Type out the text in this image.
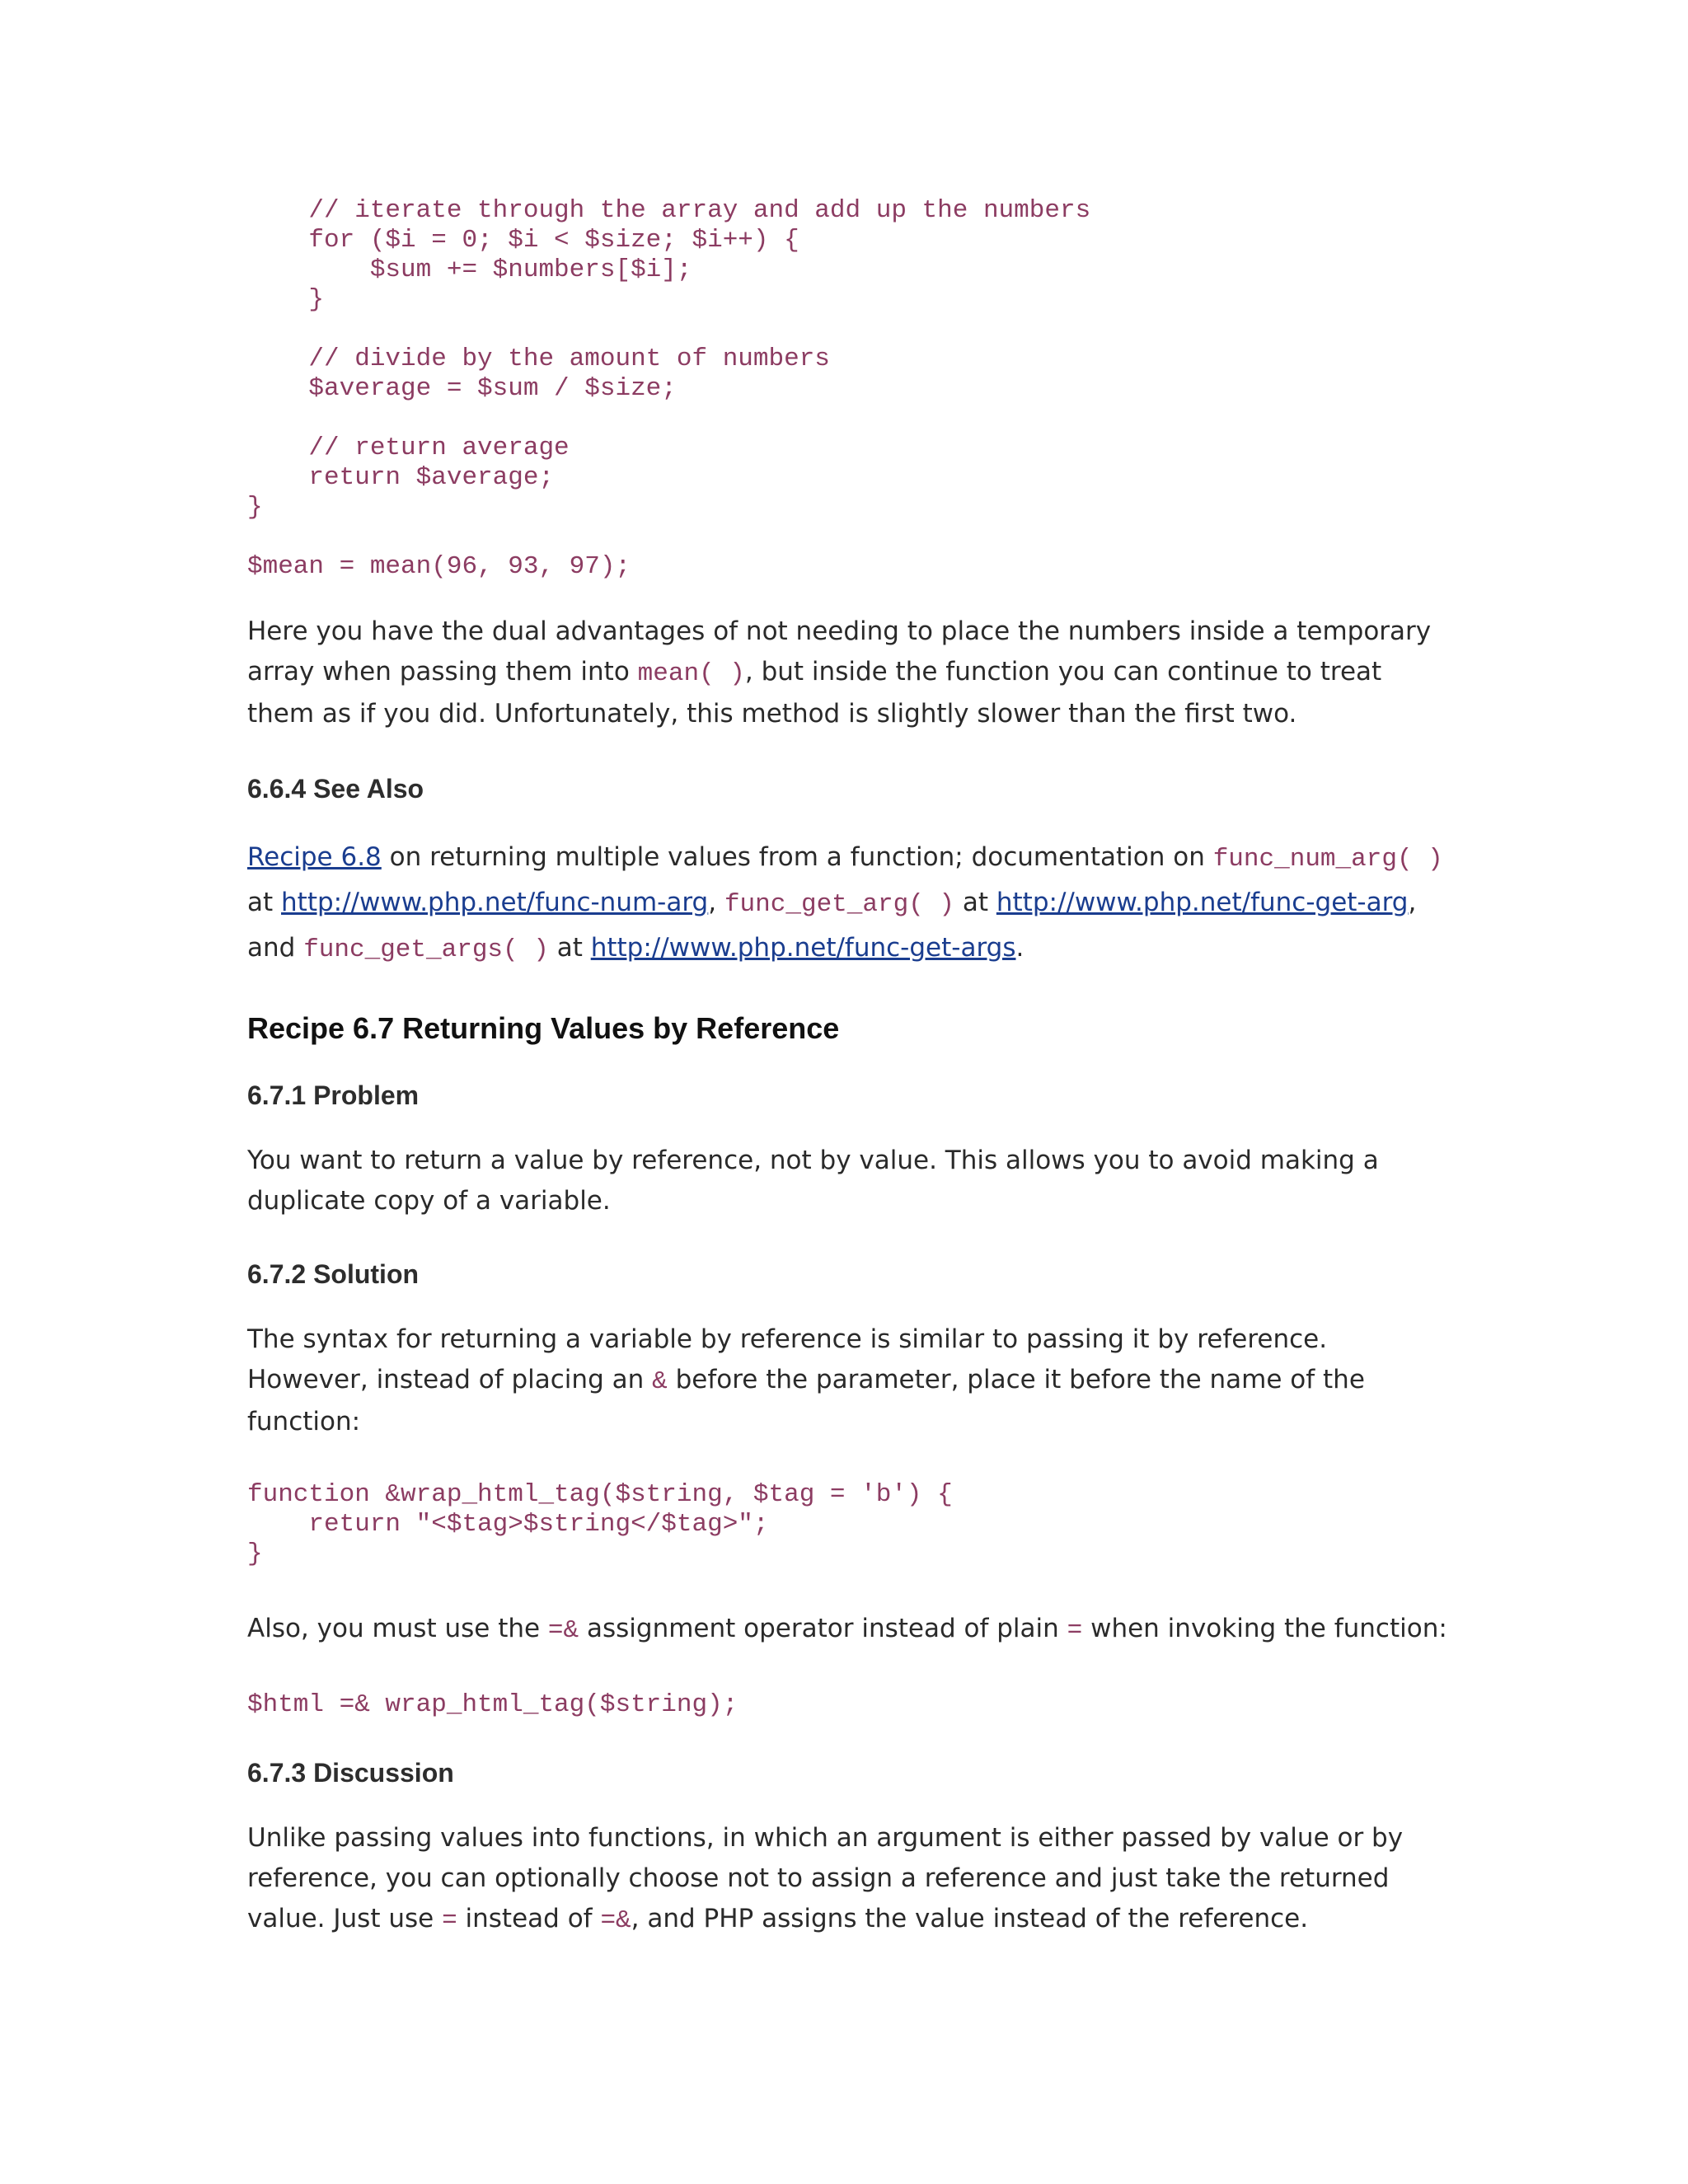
// iterate through the array and add up the numbers
for ($i = 0; $i < $size; $i++) {
$sum += $numbers[$i];
}
// divide by the amount of numbers
$average = $sum / $size;
// return average
return $average;
}
$mean = mean(96, 93, 97);

Here you have the dual advantages of not needing to place the numbers inside a temporary array when passing them into mean( ), but inside the function you can continue to treat them as if you did. Unfortunately, this method is slightly slower than the first two.

6.6.4 See Also

Recipe 6.8 on returning multiple values from a function; documentation on func_num_arg( ) at http://www.php.net/func-num-arg, func_get_arg( ) at http://www.php.net/func-get-arg, and func_get_args( ) at http://www.php.net/func-get-args.

Recipe 6.7 Returning Values by Reference
6.7.1 Problem

You want to return a value by reference, not by value. This allows you to avoid making a duplicate copy of a variable.

6.7.2 Solution

The syntax for returning a variable by reference is similar to passing it by reference. However, instead of placing an & before the parameter, place it before the name of the function:

function &wrap_html_tag($string, $tag = 'b') {
return "<$tag>$string</$tag>";
}

Also, you must use the =& assignment operator instead of plain = when invoking the function:

$html =& wrap_html_tag($string);
6.7.3 Discussion

Unlike passing values into functions, in which an argument is either passed by value or by reference, you can optionally choose not to assign a reference and just take the returned value. Just use = instead of =&, and PHP assigns the value instead of the reference.
